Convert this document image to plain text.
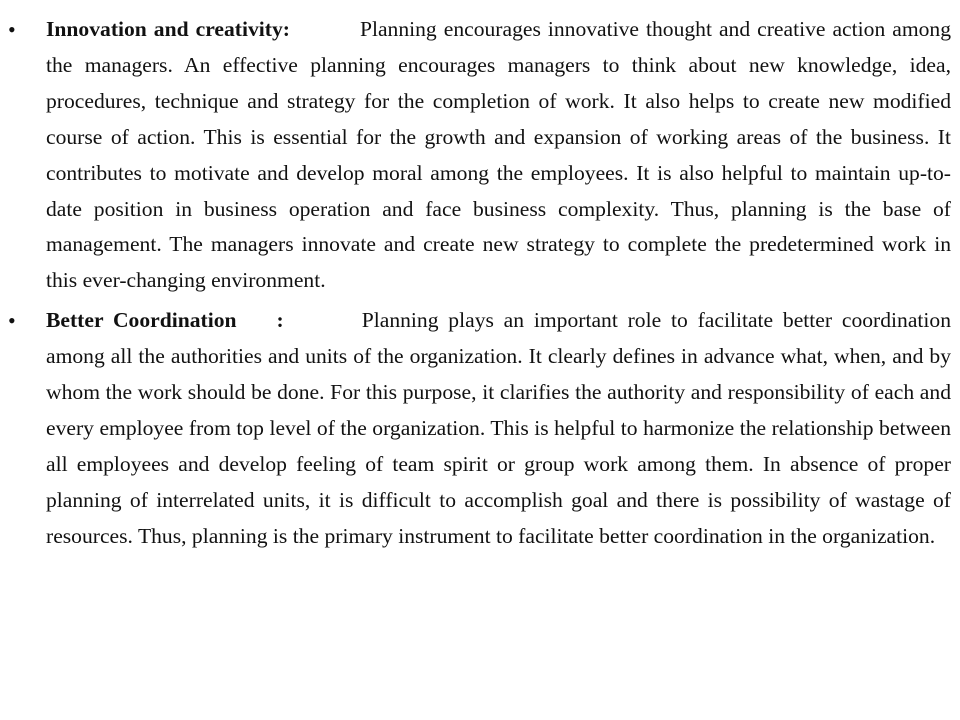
• Innovation and creativity:	Planning encourages innovative thought and creative action among the managers. An effective planning encourages managers to think about new knowledge, idea, procedures, technique and strategy for the completion of work. It also helps to create new modified course of action. This is essential for the growth and expansion of working areas of the business. It contributes to motivate and develop moral among the employees. It is also helpful to maintain up-to-date position in business operation and face business complexity. Thus, planning is the base of management. The managers innovate and create new strategy to complete the predetermined work in this ever-changing environment.
• Better Coordination :	Planning plays an important role to facilitate better coordination among all the authorities and units of the organization. It clearly defines in advance what, when, and by whom the work should be done. For this purpose, it clarifies the authority and responsibility of each and every employee from top level of the organization. This is helpful to harmonize the relationship between all employees and develop feeling of team spirit or group work among them. In absence of proper planning of interrelated units, it is difficult to accomplish goal and there is possibility of wastage of resources. Thus, planning is the primary instrument to facilitate better coordination in the organization.
